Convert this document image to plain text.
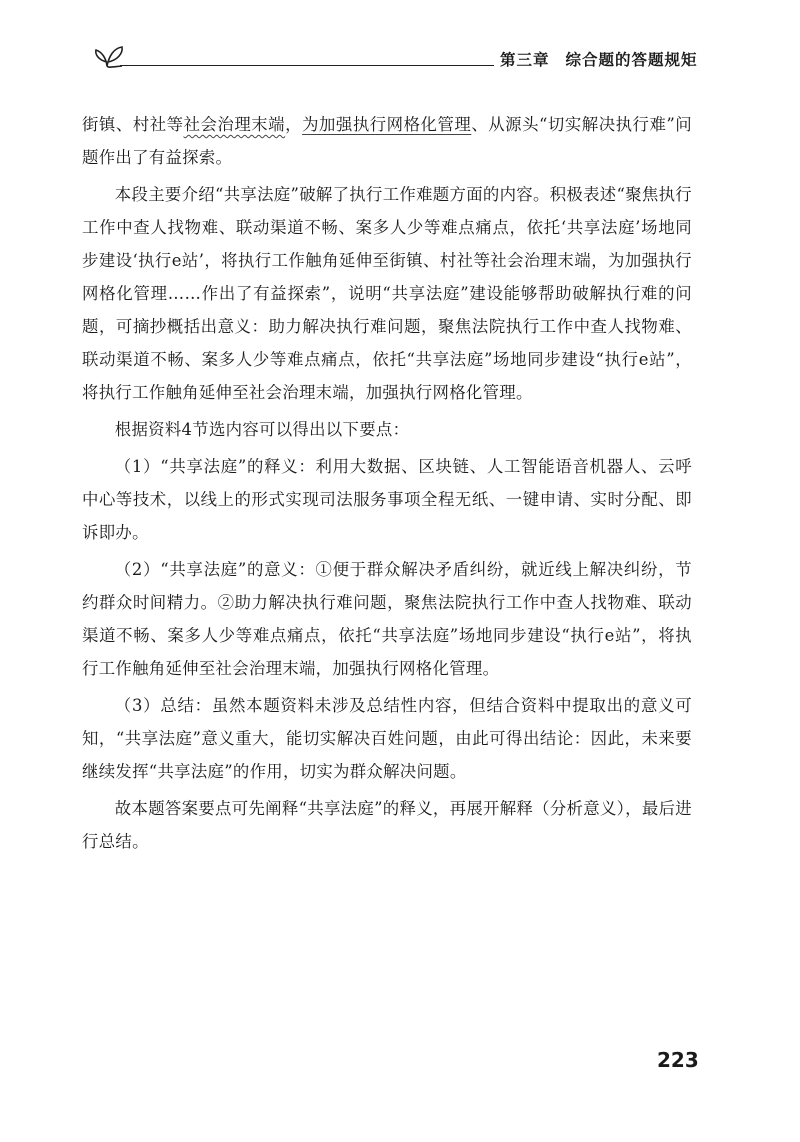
第三章 综合题的答题规矩

街镇、村社等社会治理末端，为加强执行网格化管理、从源头“切实解决执行难”问题作出了有益探索。

本段主要介绍“共享法庭”破解了执行工作难题方面的内容。积极表述“聚焦执行工作中查人找物难、联动渠道不畅、案多人少等难点痛点，依托‘共享法庭’场地同步建设‘执行e站’，将执行工作触角延伸至街镇、村社等社会治理末端，为加强执行网格化管理……作出了有益探索”，说明“共享法庭”建设能够帮助破解执行难的问题，可摘抄概括出意义：助力解决执行难问题，聚焦法院执行工作中查人找物难、联动渠道不畅、案多人少等难点痛点，依托“共享法庭”场地同步建设“执行e站”，将执行工作触角延伸至社会治理末端，加强执行网格化管理。

根据资料4节选内容可以得出以下要点：

（1）“共享法庭”的释义：利用大数据、区块链、人工智能语音机器人、云呼中心等技术，以线上的形式实现司法服务事项全程无纸、一键申请、实时分配、即诉即办。

（2）“共享法庭”的意义：①便于群众解决矛盾纠纷，就近线上解决纠纷，节约群众时间精力。②助力解决执行难问题，聚焦法院执行工作中查人找物难、联动渠道不畅、案多人少等难点痛点，依托“共享法庭”场地同步建设“执行e站”，将执行工作触角延伸至社会治理末端，加强执行网格化管理。

（3）总结：虽然本题资料未涉及总结性内容，但结合资料中提取出的意义可知，“共享法庭”意义重大，能切实解决百姓问题，由此可得出结论：因此，未来要继续发挥“共享法庭”的作用，切实为群众解决问题。

故本题答案要点可先阐释“共享法庭”的释义，再展开解释（分析意义），最后进行总结。

223
